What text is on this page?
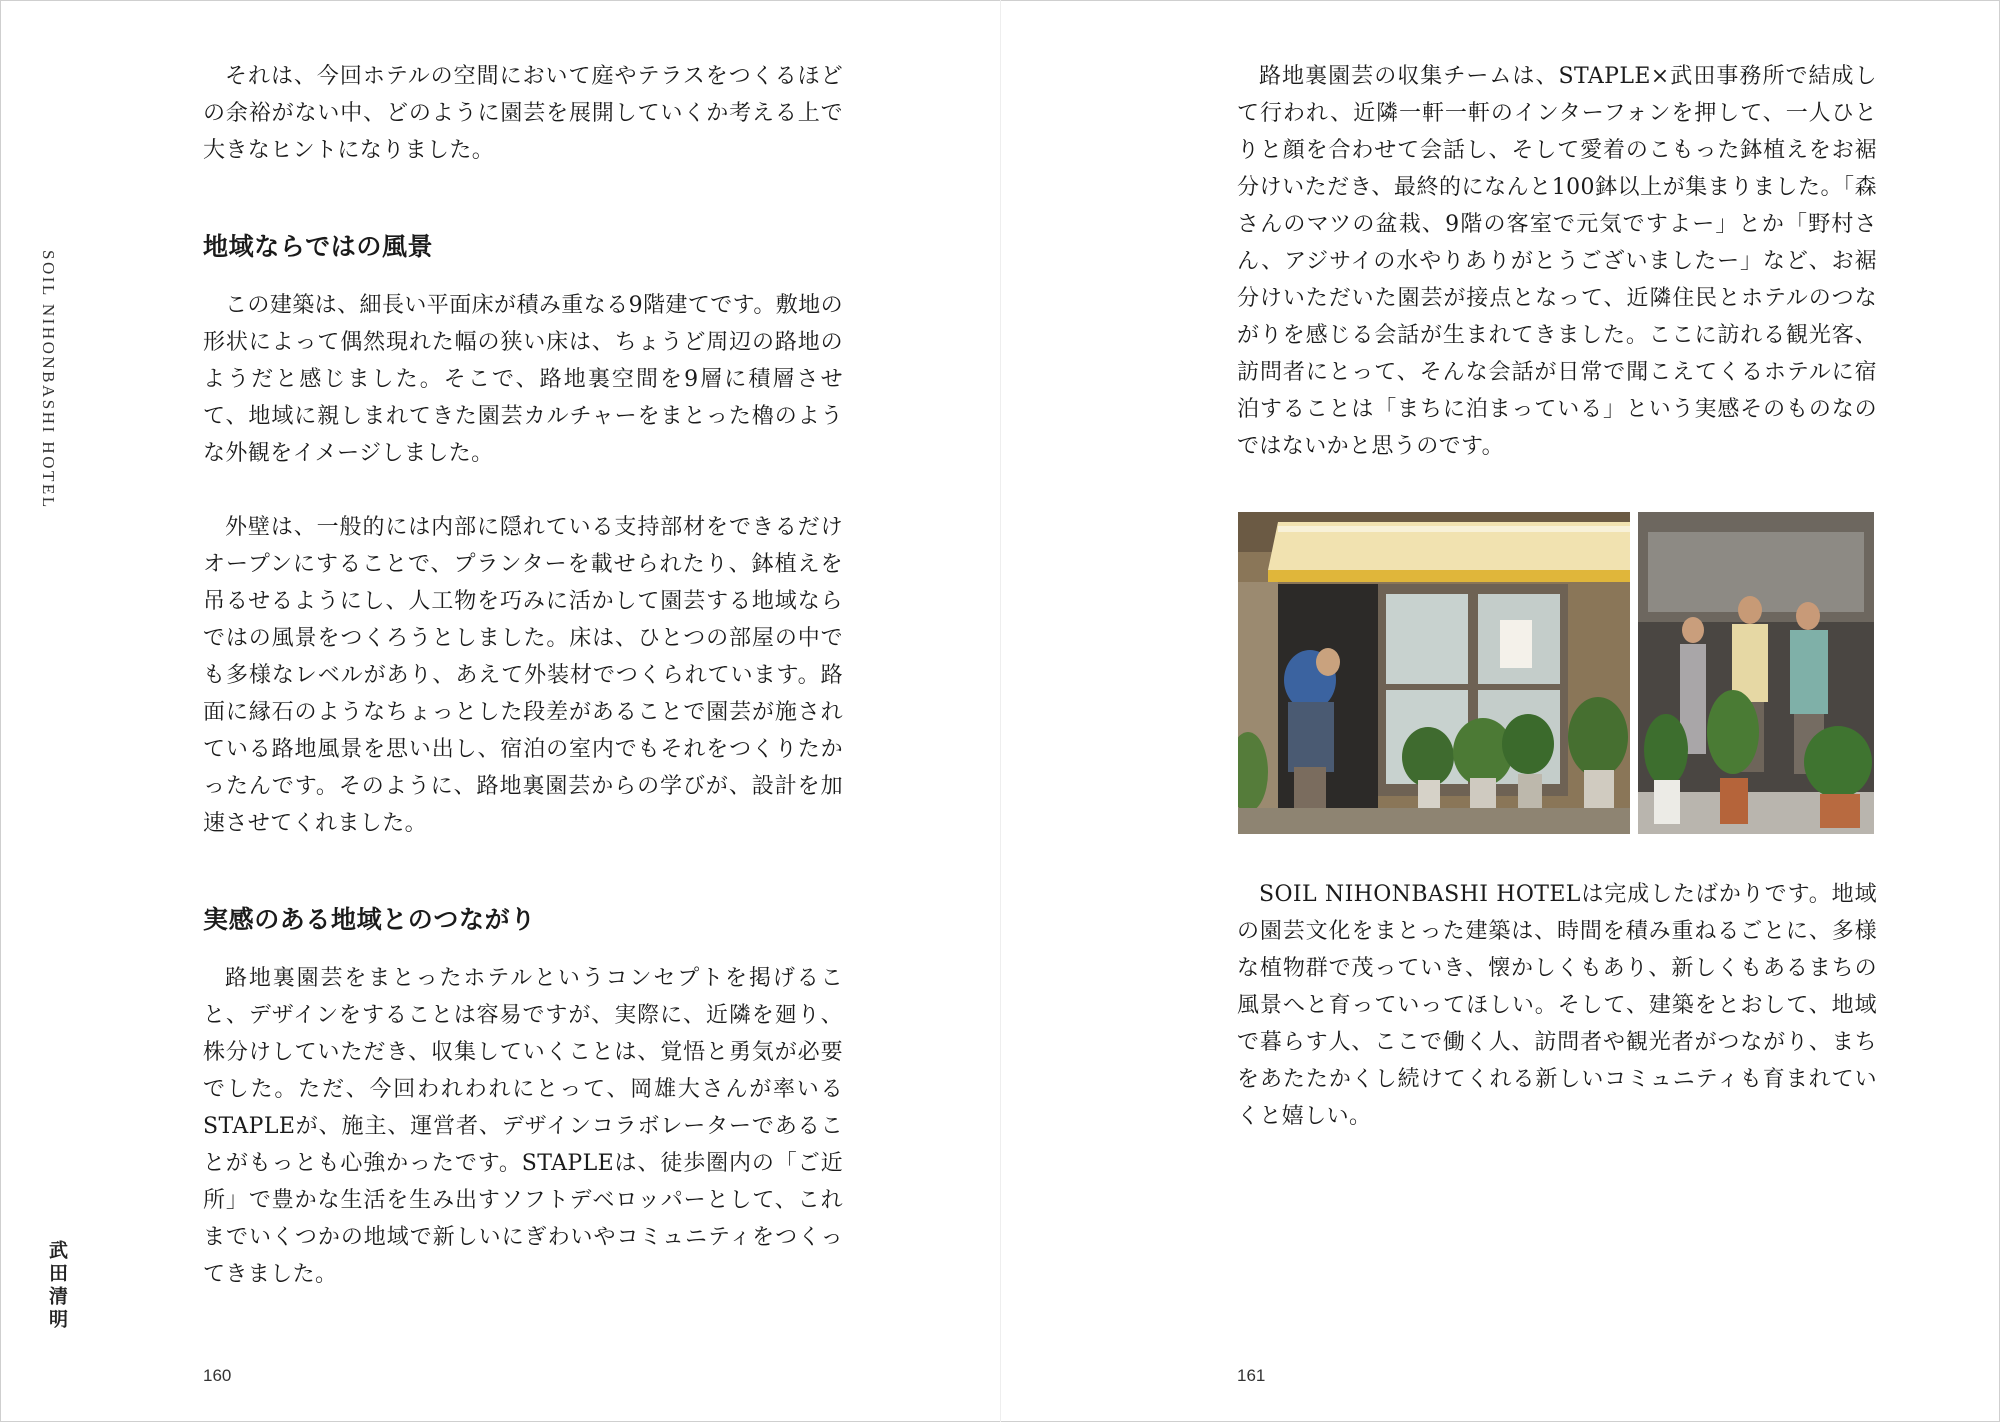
SOIL NIHONBASHI HOTEL
武田清明

それは、今回ホテルの空間において庭やテラスをつくるほどの余裕がない中、どのように園芸を展開していくか考える上で大きなヒントになりました。

地域ならではの風景

この建築は、細長い平面床が積み重なる9階建てです。敷地の形状によって偶然現れた幅の狭い床は、ちょうど周辺の路地のようだと感じました。そこで、路地裏空間を9層に積層させて、地域に親しまれてきた園芸カルチャーをまとった櫓のような外観をイメージしました。

外壁は、一般的には内部に隠れている支持部材をできるだけオープンにすることで、プランターを載せられたり、鉢植えを吊るせるようにし、人工物を巧みに活かして園芸する地域ならではの風景をつくろうとしました。床は、ひとつの部屋の中でも多様なレベルがあり、あえて外装材でつくられています。路面に縁石のようなちょっとした段差があることで園芸が施されている路地風景を思い出し、宿泊の室内でもそれをつくりたかったんです。そのように、路地裏園芸からの学びが、設計を加速させてくれました。

実感のある地域とのつながり

路地裏園芸をまとったホテルというコンセプトを掲げること、デザインをすることは容易ですが、実際に、近隣を廻り、株分けしていただき、収集していくことは、覚悟と勇気が必要でした。ただ、今回われわれにとって、岡雄大さんが率いるSTAPLEが、施主、運営者、デザインコラボレーターであることがもっとも心強かったです。STAPLEは、徒歩圏内の「ご近所」で豊かな生活を生み出すソフトデベロッパーとして、これまでいくつかの地域で新しいにぎわいやコミュニティをつくってきました。

160

路地裏園芸の収集チームは、STAPLE×武田事務所で結成して行われ、近隣一軒一軒のインターフォンを押して、一人ひとりと顔を合わせて会話し、そして愛着のこもった鉢植えをお裾分けいただき、最終的になんと100鉢以上が集まりました。「森さんのマツの盆栽、9階の客室で元気ですよー」とか「野村さん、アジサイの水やりありがとうございましたー」など、お裾分けいただいた園芸が接点となって、近隣住民とホテルのつながりを感じる会話が生まれてきました。ここに訪れる観光客、訪問者にとって、そんな会話が日常で聞こえてくるホテルに宿泊することは「まちに泊まっている」という実感そのものなのではないかと思うのです。

SOIL NIHONBASHI HOTELは完成したばかりです。地域の園芸文化をまとった建築は、時間を積み重ねるごとに、多様な植物群で茂っていき、懐かしくもあり、新しくもあるまちの風景へと育っていってほしい。そして、建築をとおして、地域で暮らす人、ここで働く人、訪問者や観光者がつながり、まちをあたたかくし続けてくれる新しいコミュニティも育まれていくと嬉しい。

161
